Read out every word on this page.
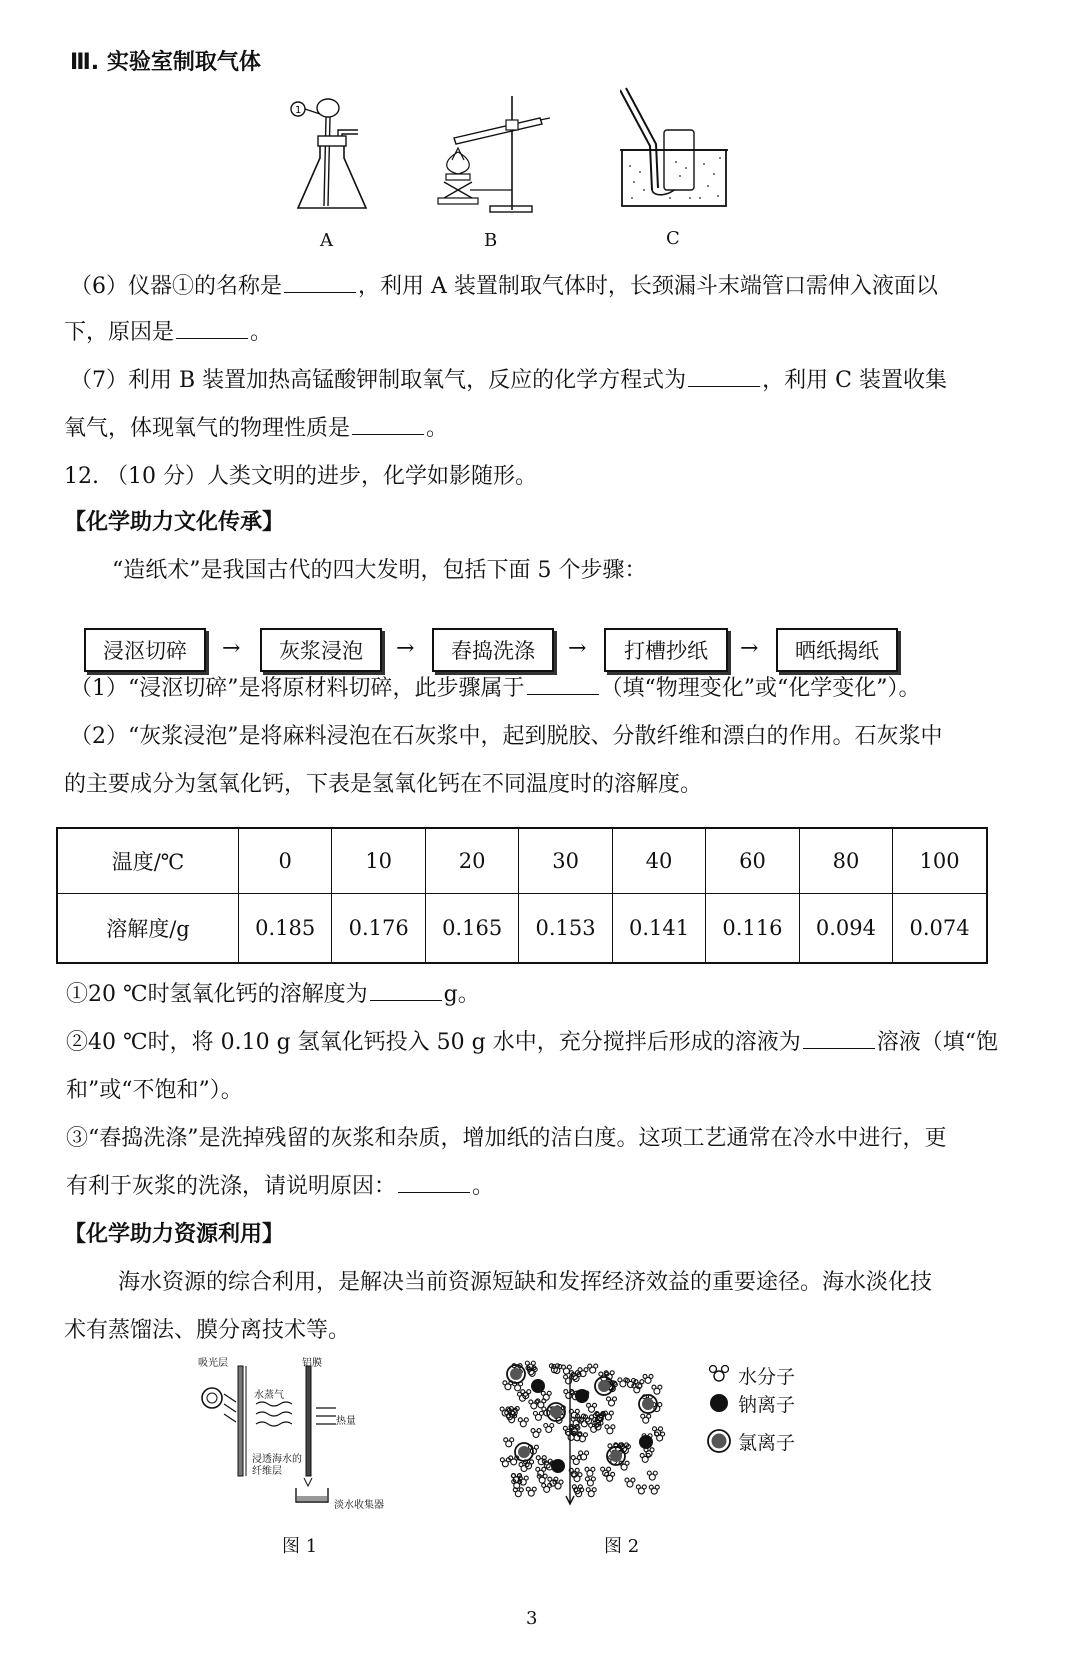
Ⅲ. 实验室制取气体
1
A	B	C
（6）仪器①的名称是	，利用 A 装置制取气体时，长颈漏斗末端管口需伸入液面以
下，原因是	。
（7）利用 B 装置加热高锰酸钾制取氧气，反应的化学方程式为	，利用 C 装置收集
氧气，体现氧气的物理性质是	。
12. （10 分）人类文明的进步，化学如影随形。
【化学助力文化传承】
“造纸术”是我国古代的四大发明，包括下面 5 个步骤：
浸沤切碎	→	灰浆浸泡	→	舂捣洗涤	→	打槽抄纸	→	晒纸揭纸
（1）“浸沤切碎”是将原材料切碎，此步骤属于	（填“物理变化”或“化学变化”）。
（2）“灰浆浸泡”是将麻料浸泡在石灰浆中，起到脱胶、分散纤维和漂白的作用。石灰浆中
的主要成分为氢氧化钙，下表是氢氧化钙在不同温度时的溶解度。
温度/℃	0	10	20	30	40	60	80	100
溶解度/g	0.185	0.176	0.165	0.153	0.141	0.116	0.094	0.074
①20 ℃时氢氧化钙的溶解度为	g。
②40 ℃时，将 0.10 g 氢氧化钙投入 50 g 水中，充分搅拌后形成的溶液为	溶液（填“饱
和”或“不饱和”）。
③“舂捣洗涤”是洗掉残留的灰浆和杂质，增加纸的洁白度。这项工艺通常在冷水中进行，更
有利于灰浆的洗涤，请说明原因：	。
【化学助力资源利用】
海水资源的综合利用，是解决当前资源短缺和发挥经济效益的重要途径。海水淡化技
术有蒸馏法、膜分离技术等。
吸光层	铝膜
水蒸气
热量
浸透海水的纤维层
淡水收集器
图 1
水分子
钠离子
氯离子
图 2
3
